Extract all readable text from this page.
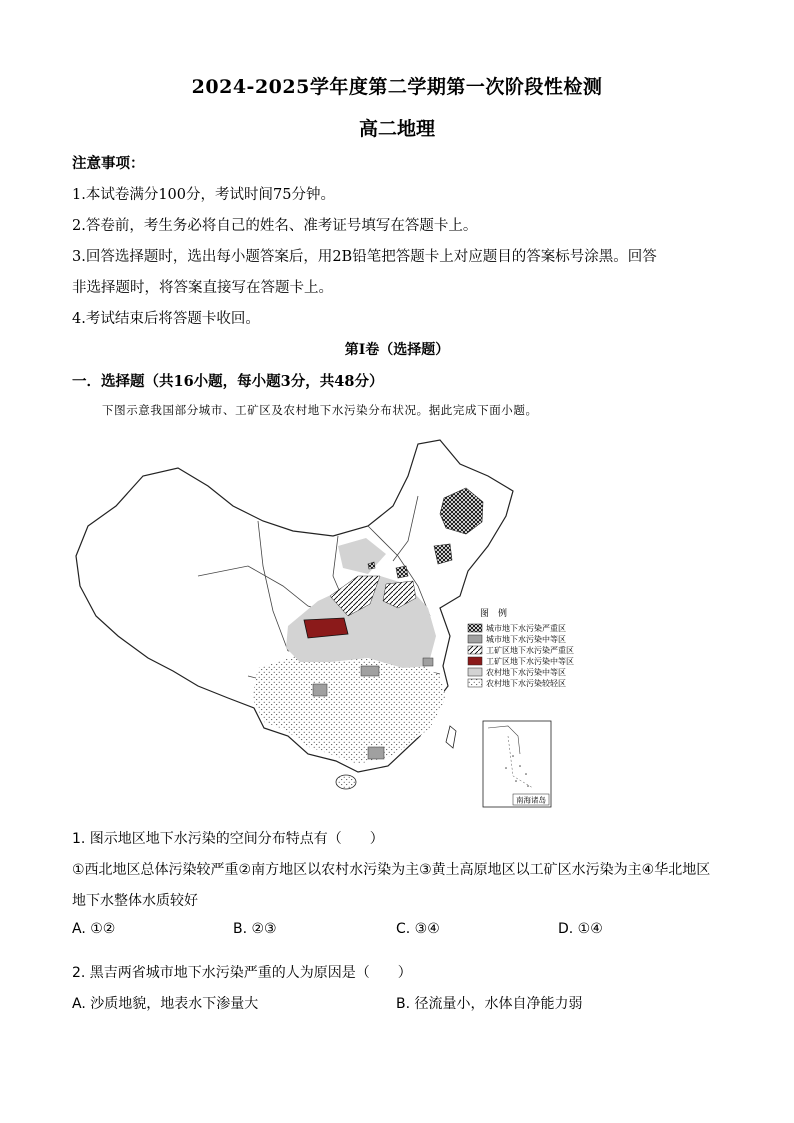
2024-2025学年度第二学期第一次阶段性检测
高二地理
注意事项：
1.本试卷满分100分，考试时间75分钟。
2.答卷前，考生务必将自己的姓名、准考证号填写在答题卡上。
3.回答选择题时，选出每小题答案后，用2B铅笔把答题卡上对应题目的答案标号涂黑。回答
非选择题时，将答案直接写在答题卡上。
4.考试结束后将答题卡收回。
第I卷（选择题）
一．选择题（共16小题，每小题3分，共48分）
下图示意我国部分城市、工矿区及农村地下水污染分布状况。据此完成下面小题。
图　例
城市地下水污染严重区
城市地下水污染中等区
工矿区地下水污染严重区
工矿区地下水污染中等区
农村地下水污染中等区
农村地下水污染较轻区
南海诸岛
1. 图示地区地下水污染的空间分布特点有（　　）
①西北地区总体污染较严重②南方地区以农村水污染为主③黄土高原地区以工矿区水污染为主④华北地区
地下水整体水质较好
A. ①②	B. ②③	C. ③④	D. ①④
2. 黑吉两省城市地下水污染严重的人为原因是（　　）
A. 沙质地貌，地表水下渗量大	B. 径流量小，水体自净能力弱
